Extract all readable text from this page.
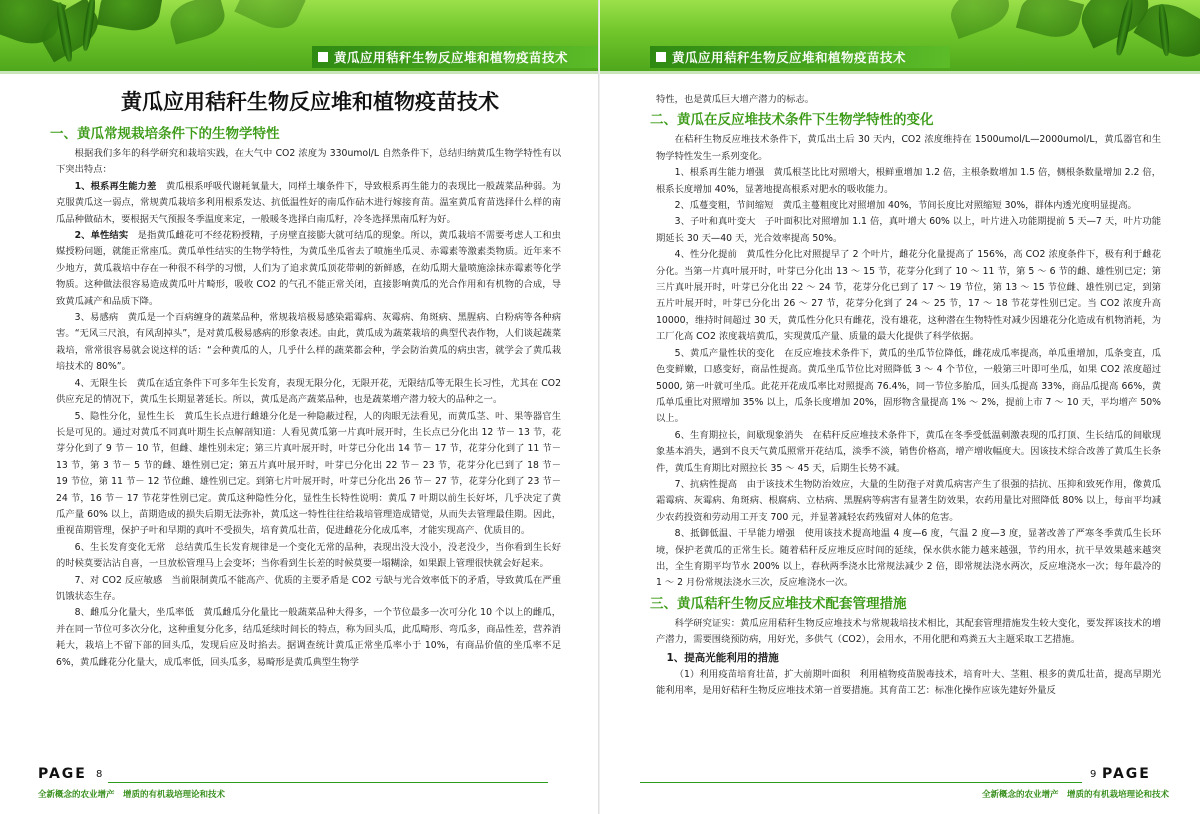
黄瓜应用秸秆生物反应堆和植物疫苗技术
黄瓜应用秸秆生物反应堆和植物疫苗技术
一、黄瓜常规栽培条件下的生物学特性

根据我们多年的科学研究和栽培实践，在大气中 CO2 浓度为 330umol/L 自然条件下，总结归纳黄瓜生物学特性有以下突出特点：

1、根系再生能力差　 黄瓜根系呼吸代谢耗氧量大，同样土壤条件下，导致根系再生能力的表现比一般蔬菜品种弱。为克服黄瓜这一弱点，常规黄瓜栽培多利用根系发达、抗低温性好的南瓜作砧木进行嫁接育苗。温室黄瓜育苗选择什么样的南瓜品种做砧木，要根据天气预报冬季温度来定，一般暖冬选择白南瓜籽，冷冬选择黑南瓜籽为好。

2、单性结实　 是指黄瓜雌花可不经花粉授精，子房壁直接膨大就可结瓜的现象。所以，黄瓜栽培不需要考虑人工和虫媒授粉问题，就能正常座瓜。黄瓜单性结实的生物学特性，为黄瓜坐瓜省去了喷施坐瓜灵、赤霉素等激素类物质。近年来不少地方，黄瓜栽培中存在一种很不科学的习惯，人们为了追求黄瓜顶花带刺的新鲜感，在幼瓜期大量喷施涂抹赤霉素等化学物质。这种做法很容易造成黄瓜叶片畸形，吸收 CO2 的气孔不能正常关闭，直接影响黄瓜的光合作用和有机物的合成，导致黄瓜减产和品质下降。

3、易感病　黄瓜是一个百病缠身的蔬菜品种，常规栽培极易感染霜霉病、灰霉病、角斑病、黑腥病、白粉病等各种病害。“无风三尺浪，有风刮掉头”，是对黄瓜极易感病的形象表述。由此，黄瓜成为蔬菜栽培的典型代表作物，人们谈起蔬菜栽培，常常很容易就会说这样的话：“会种黄瓜的人，几乎什么样的蔬菜都会种，学会防治黄瓜的病虫害，就学会了黄瓜栽培技术的 80%”。

4、无限生长　黄瓜在适宜条件下可多年生长发育，表现无限分化，无限开花，无限结瓜等无限生长习性，尤其在 CO2 供应充足的情况下，黄瓜生长期显著延长。所以，黄瓜是高产蔬菜品种，也是蔬菜增产潜力较大的品种之一。

5、隐性分化，显性生长　黄瓜生长点进行雌雄分化是一种隐蔽过程，人的肉眼无法看见，而黄瓜茎、叶、果等器官生长是可见的。通过对黄瓜不同真叶期生长点解剖知道：人看见黄瓜第一片真叶展开时，生长点已分化出 12 节－ 13 节，花芽分化到了 9 节－ 10 节，但雌、雄性别未定；第三片真叶展开时，叶芽已分化出 14 节－ 17 节，花芽分化到了 11 节－ 13 节，第 3 节－ 5 节的雌、雄性别已定；第五片真叶展开时，叶芽已分化出 22 节－ 23 节，花芽分化已到了 18 节－ 19 节位，第 11 节－ 12 节位雌、雄性别已定。到第七片叶展开时，叶芽已分化出 26 节－ 27 节，花芽分化到了 23 节－ 24 节，16 节－ 17 节花芽性别已定。黄瓜这种隐性分化，显性生长特性说明：黄瓜 7 叶期以前生长好坏，几乎决定了黄瓜产量 60% 以上，苗期造成的损失后期无法弥补，黄瓜这一特性往往给栽培管理造成错觉，从而失去管理最佳期。因此，重视苗期管理，保护子叶和早期的真叶不受损失，培育黄瓜壮苗，促进雌花分化成瓜率，才能实现高产、优质目的。

6、生长发育变化无常　总结黄瓜生长发育规律是一个变化无常的品种，表现出没大没小，没老没少，当你看到生长好的时候莫要沾沾自喜，一旦放松管理马上会变坏；当你看到生长差的时候莫要一塌糊涂，如果跟上管理很快就会好起来。

7、对 CO2 反应敏感　当前限制黄瓜不能高产、优质的主要矛盾是 CO2 亏缺与光合效率低下的矛盾，导致黄瓜在严重饥饿状态生存。

8、雌瓜分化量大，坐瓜率低　黄瓜雌瓜分化量比一般蔬菜品种大得多，一个节位最多一次可分化 10 个以上的雌瓜，并在同一节位可多次分化，这种重复分化多，结瓜延续时间长的特点，称为回头瓜，此瓜畸形、弯瓜多，商品性差，营养消耗大，栽培上不留下部的回头瓜，发现后应及时掐去。据调查统计黄瓜正常坐瓜率小于 10%，有商品价值的坐瓜率不足 6%，黄瓜雌花分化量大，成瓜率低，回头瓜多，易畸形是黄瓜典型生物学

PAGE 8
全新概念的农业增产　增质的有机栽培理论和技术
黄瓜应用秸秆生物反应堆和植物疫苗技术

特性，也是黄瓜巨大增产潜力的标志。

二、黄瓜在反应堆技术条件下生物学特性的变化

在秸秆生物反应堆技术条件下，黄瓜出土后 30 天内，CO2 浓度维持在 1500umol/L—2000umol/L，黄瓜器官和生物学特性发生一系列变化。

1、根系再生能力增强　黄瓜根茎比比对照增大，根鲜重增加 1.2 倍，主根条数增加 1.5 倍，侧根条数量增加 2.2 倍，根系长度增加 40%，显著地提高根系对肥水的吸收能力。

2、瓜蔓变粗，节间缩短　黄瓜主蔓粗度比对照增加 40%，节间长度比对照缩短 30%，群体内透光度明显提高。

3、子叶和真叶变大　子叶面积比对照增加 1.1 倍，真叶增大 60% 以上，叶片进入功能期提前 5 天—7 天，叶片功能期延长 30 天—40 天，光合效率提高 50%。

4、性分化提前　黄瓜性分化比对照提早了 2 个叶片，雌花分化量提高了 156%，高 CO2 浓度条件下，极有利于雌花分化。当第一片真叶展开时，叶芽已分化出 13 ～ 15 节，花芽分化到了 10 ～ 11 节，第 5 ～ 6 节的雌、雄性别已定；第三片真叶展开时，叶芽已分化出 22 ～ 24 节，花芽分化已到了 17 ～ 19 节位，第 13 ～ 15 节位雌、雄性别已定，到第五片叶展开时，叶芽已分化出 26 ～ 27 节，花芽分化到了 24 ～ 25 节，17 ～ 18 节花芽性别已定。当 CO2 浓度升高 10000，维持时间超过 30 天，黄瓜性分化只有雌花，没有雄花，这种潜在生物特性对减少因雄花分化造成有机物消耗，为工厂化高 CO2 浓度栽培黄瓜，实现黄瓜产量、质量的最大化提供了科学依据。

5、黄瓜产量性状的变化　在反应堆技术条件下，黄瓜的坐瓜节位降低，雌花成瓜率提高，单瓜重增加，瓜条变直，瓜色变鲜嫩，口感变好，商品性提高。黄瓜坐瓜节位比对照降低 3 ～ 4 个节位，一般第三叶即可坐瓜，如果 CO2 浓度超过 5000, 第一叶就可坐瓜。此花开花成瓜率比对照提高 76.4%，同一节位多胎瓜，回头瓜提高 33%，商品瓜提高 66%，黄瓜单瓜重比对照增加 35% 以上，瓜条长度增加 20%，固形物含量提高 1% ～ 2%，提前上市 7 ～ 10 天，平均增产 50% 以上。

6、生育期拉长，间歇现象消失　在秸秆反应堆技术条件下，黄瓜在冬季受低温刺激表现的瓜打顶、生长结瓜的间歇现象基本消失，遇到不良天气黄瓜照常开花结瓜，淡季不淡，销售价格高，增产增收幅度大。因该技术综合改善了黄瓜生长条件，黄瓜生育期比对照拉长 35 ～ 45 天，后期生长势不减。

7、抗病性提高　由于该技术生物防治效应，大量的生防孢子对黄瓜病害产生了很强的拮抗、压抑和致死作用，像黄瓜霜霉病、灰霉病、角斑病、根腐病、立枯病、黑腥病等病害有显著生防效果，农药用量比对照降低 80% 以上，每亩平均减少农药投资和劳动用工开支 700 元，并显著减轻农药残留对人体的危害。

8、抵御低温、干旱能力增强　使用该技术提高地温 4 度—6 度，气温 2 度—3 度，显著改善了严寒冬季黄瓜生长环境，保护老黄瓜的正常生长。随着秸秆反应堆反应时间的延续，保水供水能力越来越强，节约用水，抗干旱效果越来越突出，全生育期平均节水 200% 以上，春秋两季浇水比常规法减少 2 倍，即常规法浇水两次，反应堆浇水一次；每年最冷的 1 ～ 2 月份常规法浇水三次，反应堆浇水一次。

三、黄瓜秸秆生物反应堆技术配套管理措施

科学研究证实：黄瓜应用秸秆生物反应堆技术与常规栽培技术相比，其配套管理措施发生较大变化，要发挥该技术的增产潜力，需要围绕预防病，用好光，多供气（CO2），会用水，不用化肥和鸡粪五大主题采取工艺措施。

1、提高光能利用的措施

（1）利用疫苗培育壮苗，扩大前期叶面积　利用植物疫苗脱毒技术，培育叶大、茎粗、根多的黄瓜壮苗，提高早期光能利用率，是用好秸秆生物反应堆技术第一首要措施。其育苗工艺：标准化操作应该先建好外量反

9 PAGE
全新概念的农业增产　增质的有机栽培理论和技术
